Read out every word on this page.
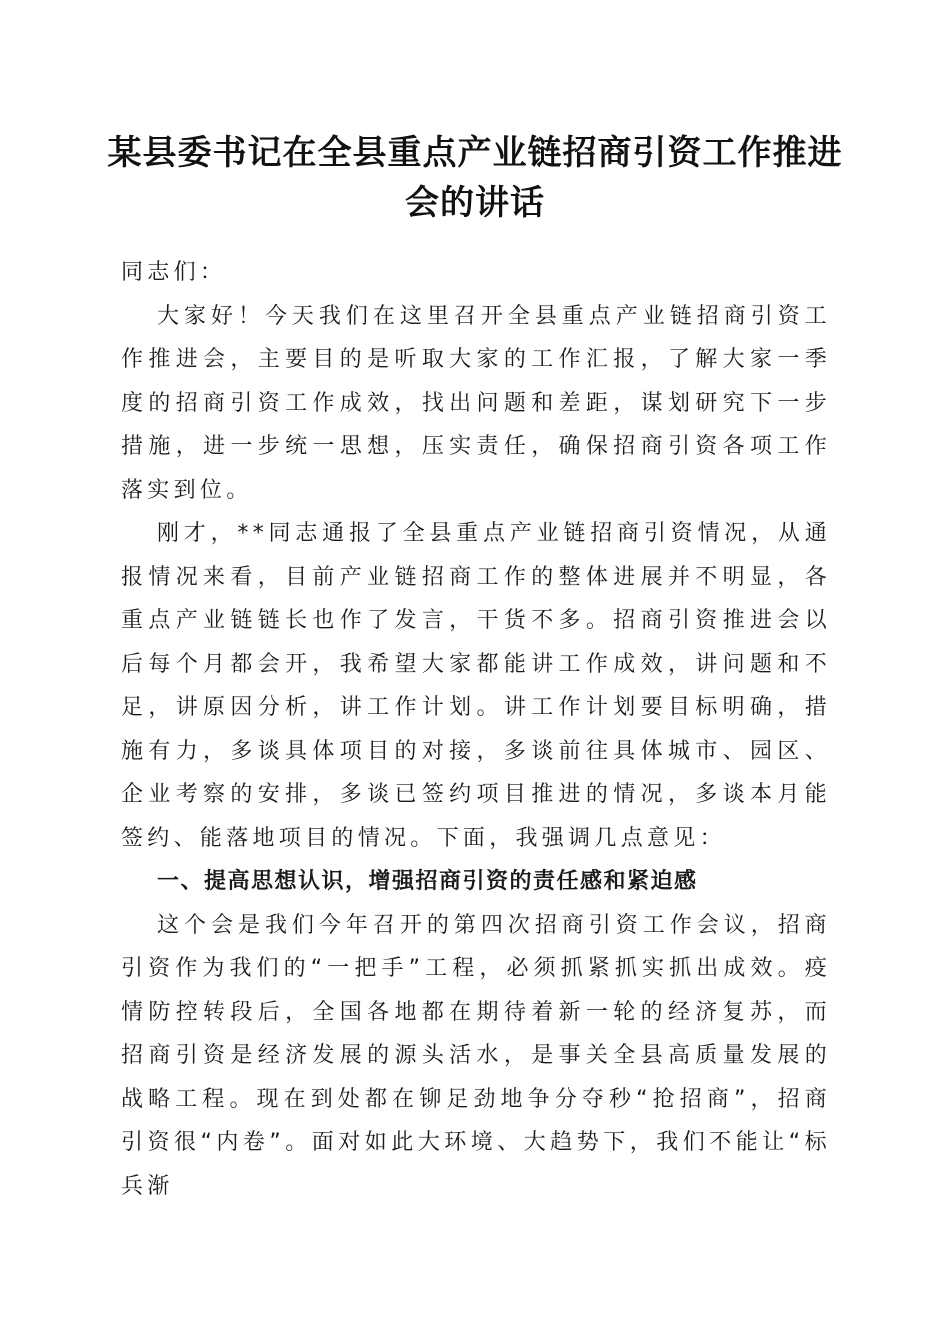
某县委书记在全县重点产业链招商引资工作推进会的讲话

同志们：

大家好！今天我们在这里召开全县重点产业链招商引资工作推进会，主要目的是听取大家的工作汇报，了解大家一季度的招商引资工作成效，找出问题和差距，谋划研究下一步措施，进一步统一思想，压实责任，确保招商引资各项工作落实到位。

刚才，**同志通报了全县重点产业链招商引资情况，从通报情况来看，目前产业链招商工作的整体进展并不明显，各重点产业链链长也作了发言，干货不多。招商引资推进会以后每个月都会开，我希望大家都能讲工作成效，讲问题和不足，讲原因分析，讲工作计划。讲工作计划要目标明确，措施有力，多谈具体项目的对接，多谈前往具体城市、园区、企业考察的安排，多谈已签约项目推进的情况，多谈本月能签约、能落地项目的情况。下面，我强调几点意见：

一、提高思想认识，增强招商引资的责任感和紧迫感

这个会是我们今年召开的第四次招商引资工作会议，招商引资作为我们的“一把手”工程，必须抓紧抓实抓出成效。疫情防控转段后，全国各地都在期待着新一轮的经济复苏，而招商引资是经济发展的源头活水，是事关全县高质量发展的战略工程。现在到处都在铆足劲地争分夺秒“抢招商”，招商引资很“内卷”。面对如此大环境、大趋势下，我们不能让“标兵渐
